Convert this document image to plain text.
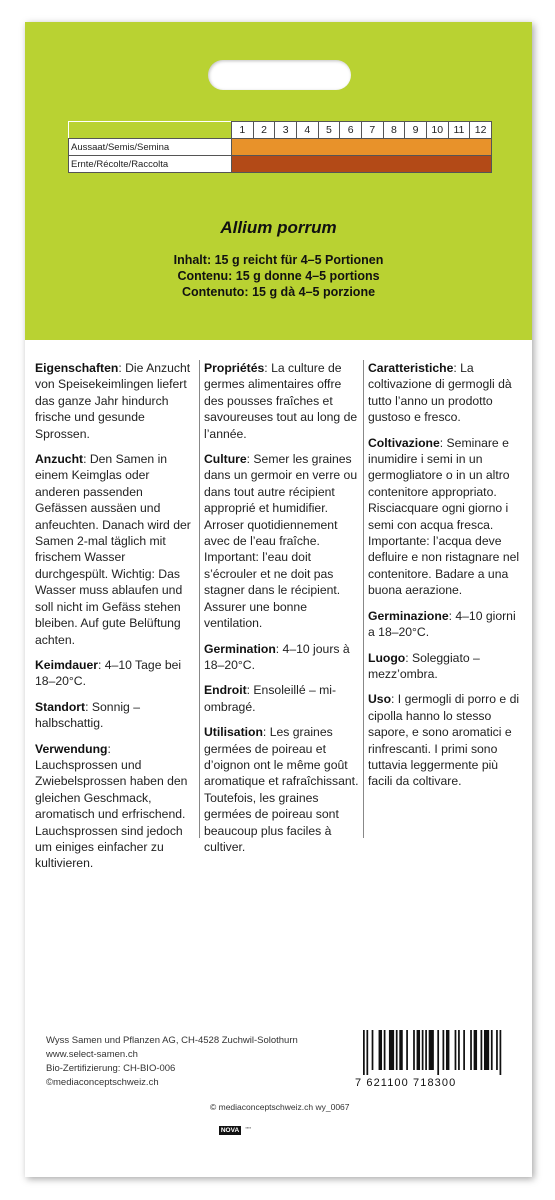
	1	2	3	4	5	6	7	8	9	10	11	12
Aussaat/Semis/Semina												
Ernte/Récolte/Raccolta												
Allium porrum
Inhalt: 15 g reicht für 4–5 Portionen
Contenu: 15 g donne 4–5 portions
Contenuto: 15 g dà 4–5 porzione

Eigenschaften: Die Anzucht von Speisekeimlingen liefert das ganze Jahr hindurch frische und gesunde Sprossen.

Anzucht: Den Samen in einem Keimglas oder anderen passenden Gefässen aussäen und anfeuchten. Danach wird der Samen 2-mal täglich mit frischem Wasser durchgespült. Wichtig: Das Wasser muss ablaufen und soll nicht im Gefäss stehen bleiben. Auf gute Belüftung achten.

Keimdauer: 4–10 Tage bei 18–20°C.

Standort: Sonnig – halbschattig.

Verwendung: Lauchsprossen und Zwiebelsprossen haben den gleichen Geschmack, aromatisch und erfrischend. Lauchsprossen sind jedoch um einiges einfacher zu kultivieren.

Propriétés: La culture de germes alimentaires offre des pousses fraîches et savoureuses tout au long de l’année.

Culture: Semer les graines dans un germoir en verre ou dans tout autre récipient approprié et humidifier. Arroser quotidiennement avec de l’eau fraîche. Important: l’eau doit s’écrouler et ne doit pas stagner dans le récipient. Assurer une bonne ventilation.

Germination: 4–10 jours à 18–20°C.

Endroit: Ensoleillé – mi-ombragé.

Utilisation: Les graines germées de poireau et d’oignon ont le même goût aromatique et rafraîchissant. Toutefois, les graines germées de poireau sont beaucoup plus faciles à cultiver.

Caratteristiche: La coltivazione di germogli dà tutto l’anno un prodotto gustoso e fresco.

Coltivazione: Seminare e inumidire i semi in un germogliatore o in un altro contenitore appropriato. Risciacquare ogni giorno i semi con acqua fresca. Importante: l’acqua deve defluire e non ristagnare nel contenitore. Badare a una buona aerazione.

Germinazione: 4–10 giorni a 18–20°C.

Luogo: Soleggiato – mezz’ombra.

Uso: I germogli di porro e di cipolla hanno lo stesso sapore, e sono aromatici e rinfrescanti. I primi sono tuttavia leggermente più facili da coltivare.

Wyss Samen und Pflanzen AG, CH-4528 Zuchwil-Solothurn
www.select-samen.ch
Bio-Zertifizierung: CH-BIO-006
©mediaconceptschweiz.ch	7 621100 718300
© mediaconceptschweiz.ch wy_0067
NOVA ▪▪▪▪
